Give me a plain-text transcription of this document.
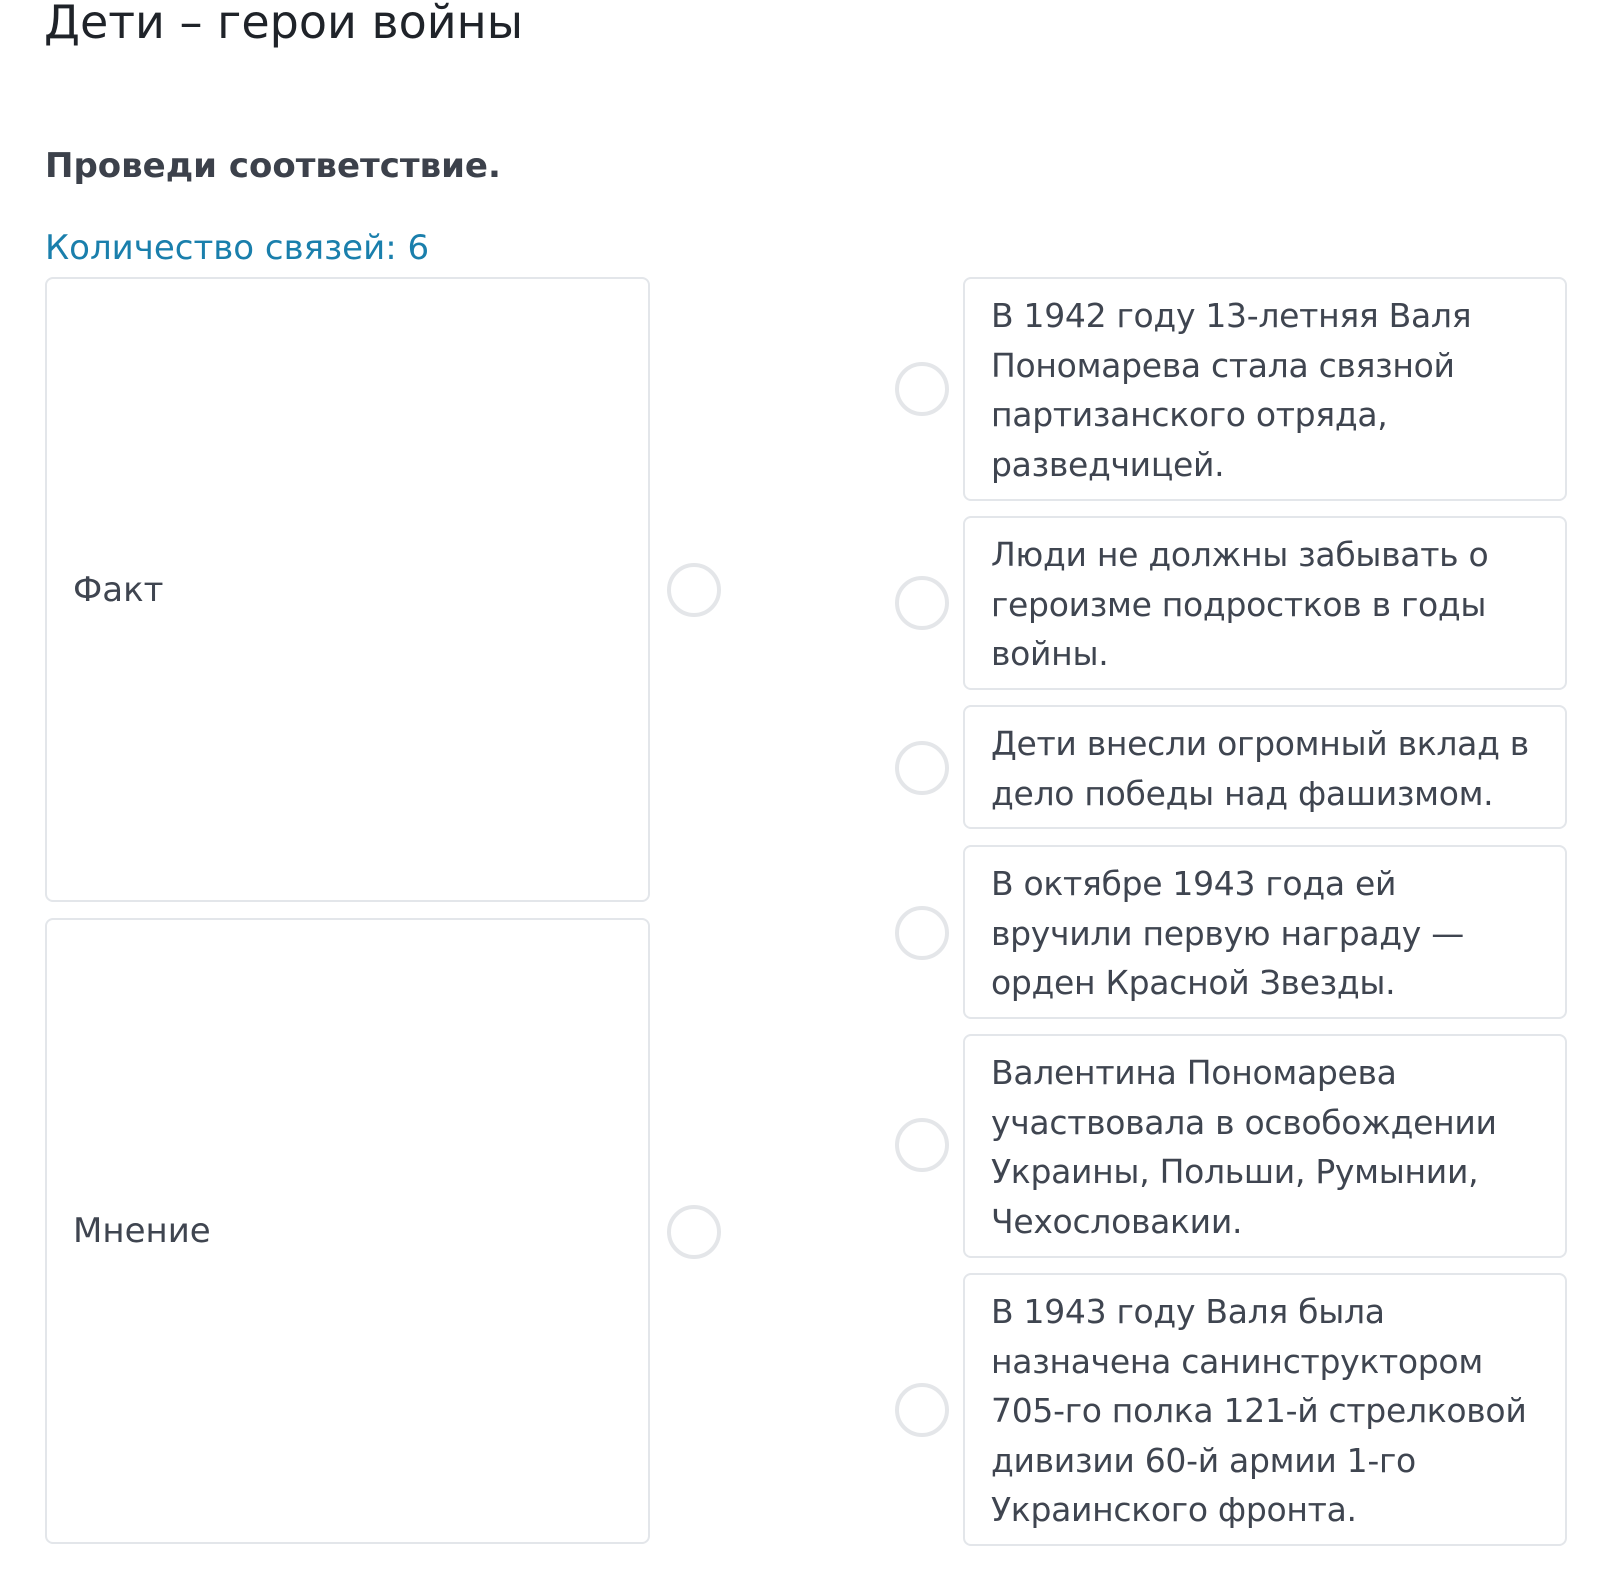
Дети – герои войны

Проведи соответствие.

Количество связей: 6

Факт
Мнение
В 1942 году 13-летняя Валя Пономарева стала связной партизанского отряда, разведчицей.
Люди не должны забывать о героизме подростков в годы войны.
Дети внесли огромный вклад в дело победы над фашизмом.
В октябре 1943 года ей вручили первую награду — орден Красной Звезды.
Валентина Пономарева участвовала в освобождении Украины, Польши, Румынии, Чехословакии.
В 1943 году Валя была назначена санинструктором 705-го полка 121-й стрелковой дивизии 60-й армии 1-го Украинского фронта.
